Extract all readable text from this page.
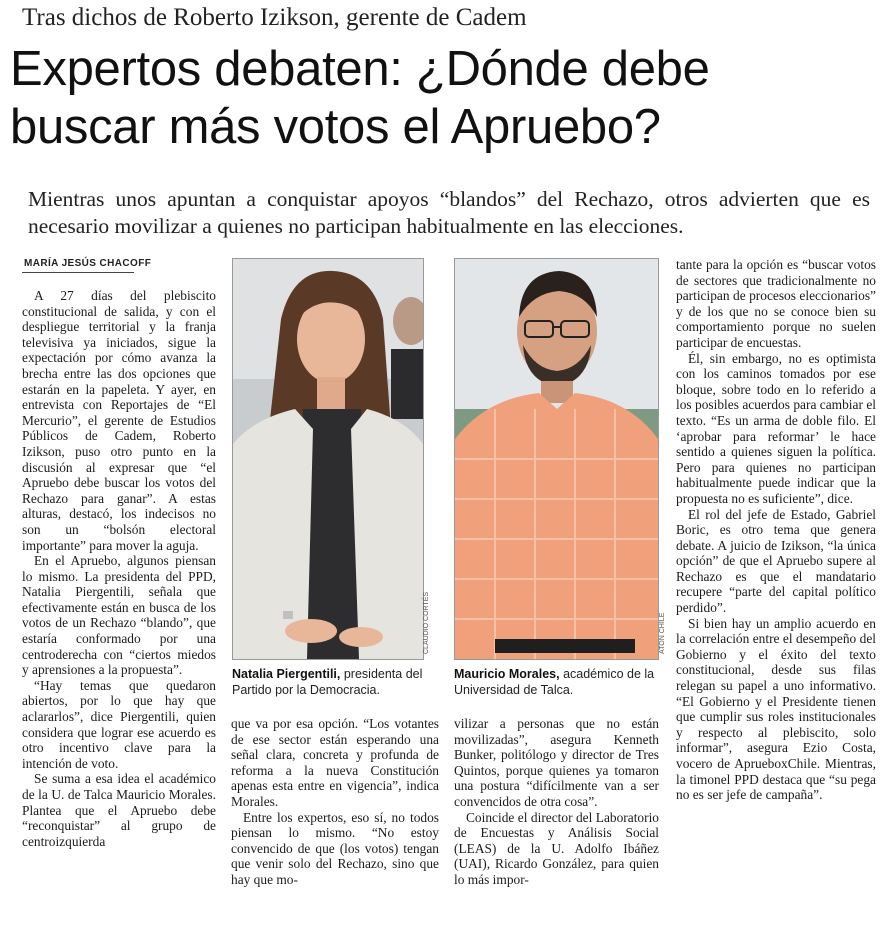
Tras dichos de Roberto Izikson, gerente de Cadem
Expertos debaten: ¿Dónde debe
buscar más votos el Apruebo?
Mientras unos apuntan a conquistar apoyos “blandos” del Rechazo, otros advierten que es necesario movilizar a quienes no participan habitualmente en las elecciones.
MARÍA JESÚS CHACOFF

A 27 días del plebiscito constitucional de salida, y con el despliegue territorial y la franja televisiva ya iniciados, sigue la expectación por cómo avanza la brecha entre las dos opciones que estarán en la papeleta. Y ayer, en entrevista con Reportajes de “El Mercurio”, el gerente de Estudios Públicos de Cadem, Roberto Izikson, puso otro punto en la discusión al expresar que “el Apruebo debe buscar los votos del Rechazo para ganar”. A estas alturas, destacó, los indecisos no son un “bolsón electoral importante” para mover la aguja.

En el Apruebo, algunos piensan lo mismo. La presidenta del PPD, Natalia Piergentili, señala que efectivamente están en busca de los votos de un Rechazo “blando”, que estaría conformado por una centroderecha con “ciertos miedos y aprensiones a la propuesta”.

“Hay temas que quedaron abiertos, por lo que hay que aclararlos”, dice Piergentili, quien considera que lograr ese acuerdo es otro incentivo clave para la intención de voto.

Se suma a esa idea el académico de la U. de Talca Mauricio Morales. Plantea que el Apruebo debe “reconquistar” al grupo de centroizquierda

CLAUDIO CORTÉS
Natalia Piergentili, presidenta del Partido por la Democracia.

que va por esa opción. “Los votantes de ese sector están esperando una señal clara, concreta y profunda de reforma a la nueva Constitución apenas esta entre en vigencia”, indica Morales.

Entre los expertos, eso sí, no todos piensan lo mismo. “No estoy convencido de que (los votos) tengan que venir solo del Rechazo, sino que hay que mo-

ATON CHILE
Mauricio Morales, académico de la Universidad de Talca.

vilizar a personas que no están movilizadas”, asegura Kenneth Bunker, politólogo y director de Tres Quintos, porque quienes ya tomaron una postura “difícilmente van a ser convencidos de otra cosa”.

Coincide el director del Laboratorio de Encuestas y Análisis Social (LEAS) de la U. Adolfo Ibáñez (UAI), Ricardo González, para quien lo más impor-

tante para la opción es “buscar votos de sectores que tradicionalmente no participan de procesos eleccionarios” y de los que no se conoce bien su comportamiento porque no suelen participar de encuestas.

Él, sin embargo, no es optimista con los caminos tomados por ese bloque, sobre todo en lo referido a los posibles acuerdos para cambiar el texto. “Es un arma de doble filo. El ‘aprobar para reformar’ le hace sentido a quienes siguen la política. Pero para quienes no participan habitualmente puede indicar que la propuesta no es suficiente”, dice.

El rol del jefe de Estado, Gabriel Boric, es otro tema que genera debate. A juicio de Izikson, “la única opción” de que el Apruebo supere al Rechazo es que el mandatario recupere “parte del capital político perdido”.

Si bien hay un amplio acuerdo en la correlación entre el desempeño del Gobierno y el éxito del texto constitucional, desde sus filas relegan su papel a uno informativo. “El Gobierno y el Presidente tienen que cumplir sus roles institucionales y respecto al plebiscito, solo informar”, asegura Ezio Costa, vocero de AprueboxChile. Mientras, la timonel PPD destaca que “su pega no es ser jefe de campaña”.
